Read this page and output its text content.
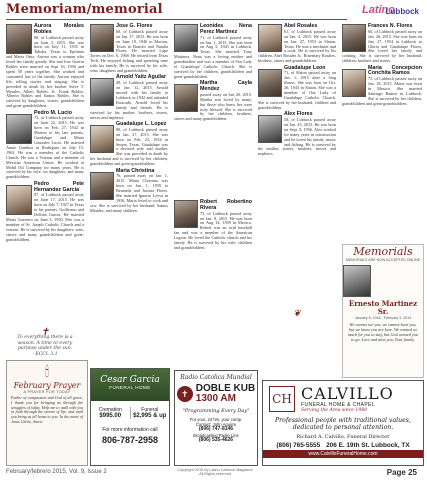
Memoriam/memorial	Latino
Lubbock
Aurora Morales Robles

80, of Lubbock passed away on June 5, 2015. She was born on July 11, 1935 in Tahoka, Texas to Epifanio and Maria Ortiz. Aurora was a woman who loved her family greatly. She and Jose Guerra Robles were married on Sept 16, 1956 and spent 58 years together. She worked and consumed lots of the family. Aurora enjoyed life, telling stories and singing. She is preceded in death by her brother Steve T. Morales, Albert Robles, Jr., Frank Robles, Alberto Robles and Santos Robles. She is survived by daughters, sisters, grandchildren and great-grandchildren.

Pedro M. Lucio

73, of Lubbock passed away on June 22, 2015. He was born on Feb. 27, 1942 in Morton to his late parents, Guadalupe and Maria Gonzales Lucio. He married Annie Gamboa in Rodriguez on July 15, 1962. He was a member of the Catholic Church. He was a Veteran and a member of Mexican American Union. He worked at Mobil Oil Company for many years. He is survived by his wife, six daughters, and many grandchildren.

Pedro Pete Hernandez Garcia

87, of Lubbock passed away on June 17, 2015. He was born on July 7, 1927 in Texas to his parents, Guillermo and Delfina Garcia. He married Maria Guerrero on June 3, 1950. Pete was a member of St. Joseph Catholic Church and a veteran. He is survived by his daughters, sons, sisters and many grandchildren and great-grandchildren.

✝
To everything there is a season. A time to every purpose under the sun.
- ECCL 3:1
🕯
February Prayer
A PRAYER FOR TODAY
Father of compassion and God of all grace, I thank you for bringing us through the struggles of today. Help me to walk with you in faith through the storms of life, and until you bring us all home to you. In the name of Jesus Christ, Amen.
Jose G. Flores

68, of Lubbock passed away on Jan. 17, 2015. He was born on June 19, 1946 in Morton, Texas to Bartolo and Natalia Flores. He married Lupe Torres on Dec. 6, 1968. He retired from Texas Tech. He enjoyed fishing and spending time with his family. He is survived by his wife, sons, daughters and grandchildren.

Arnold Yaitz Aguilar

49, of Lubbock passed away on Jan. 12, 2015. Arnold moved with his family to Lubbock in 1942 and attended Estacado. Arnold loved his family and friends. He is survived by his mother, brothers, sisters, nieces and nephews.

Guadalupe L. Lopez

80, of Lubbock passed away on Jan. 27, 2015. She was born on Feb. 23, 1934 in Smyer, Texas. Guadalupe was a devoted wife and mother. She was preceded in death by her husband and is survived by her children, grandchildren and great-grandchildren.

Maria Christina

76, passed away on Jan. 1, 2015. Maria Christina was born on Jan. 1, 1939 to Bernarda and Jacinto Flores. She married Ignacio Leyva in 1956. Maria loved to cook and sew. She is survived by her husband, Santos Mendez, and many children.

Cesar Garcia
FUNERAL HOME
Cremation
$995.00
Funeral
$2,995 & up
For more information call
806-787-2958
Leonides Nena Perez Martinez

71, of Lubbock passed away on Jan. 1, 2015. She was born on Aug 5, 1943 in Lubbock, Texas. She married Tony Martinez. Nena was a loving mother and grandmother and was a member of Our Lady of Guadalupe Catholic Church. She is survived by her children, grandchildren and great-grandchildren.

Martha Cayla Mendez

passed away on Jan 20, 2015. Martha was loved by many, but those who knew her were truly blessed. She is survived by her children, brothers, sisters and many grandchildren.

Abel Rosales

61, of Lubbock passed away on Jan. 4, 2015. He was born on Jan. 27, 1953 in Slaton, Texas. He was a mechanic and a cook. He is survived by his children, Abel Rosales Jr., Rosemary Rosales, brothers, sisters and grandchildren.

Guadalupe Leon

71, of Slaton passed away on Jan. 1, 2015 after a long illness. She was born on Oct. 26, 1943 in Slaton. She was a member of Our Lady of Guadalupe Catholic Church. She is survived by her husband, children and grandchildren.

Alex Flores

58, of Lubbock passed away on Jan. 25, 2015. He was born on Sept. 8, 1956. Alex worked for many years in construction and he loved his family, music and fishing. He is survived by his mother, sisters, brothers, nieces and nephews.

Robert Robertino Rivera

75, of Lubbock passed away on Jan. 8, 2015. He was born on Aug 14, 1939 in Mexico. Robert was an avid baseball fan and was a member of the American Legion. He loved the Catholic church and his family. He is survived by his wife, children and grandchildren.

❦
Frances N. Flores

60, of Lubbock passed away on Jan. 26, 2015. She was born on Jan. 27, 1954 in Lubbock to Gloria and Guadalupe Flores. She loved her family and cooking. She is survived by her husband, children, brothers and sisters.

Maria Concepcion Conchita Ramos

75, of Lubbock passed away on Jan. 18, 2015. Maria was born in Mexico. She married Santiago Ramos in Lubbock. She is survived by her children, grandchildren and great-grandchildren.

Memorials
MEMORIALS ARE NOW ACCEPTED ONLINE
Ernesto Martinez Sr.
January 5, 1944 - February 3, 2014
We cannot see you, we cannot hear you, but we know you are here. We wanted so much for you to stay, but God wanted you to go. Love and miss you, Your family.
Radio Catolica Mundial
✝ DOBLE KUB
1300 AM
"Programming Every Day"
For your, 24 hrs, your comp.
Contact: John Aguirre
(806) 747-8146
Broadcasting Radio Line
(806) 535-4626
CH CALVILLO
FUNERAL HOME & CHAPEL
Serving the Area since 1980
Professional people with traditional values, dedicated to personal attention.
Richard A. Calvillo, Funeral Director
(806) 765-5555 206 E. 19th St. Lubbock, TX
www.CalvilloFuneralHome.com
February/febrero 2015, Vol. 9, Issue 2	Copyright 2015 by Latino Lubbock Magazine
All Rights reserved	Page 25
